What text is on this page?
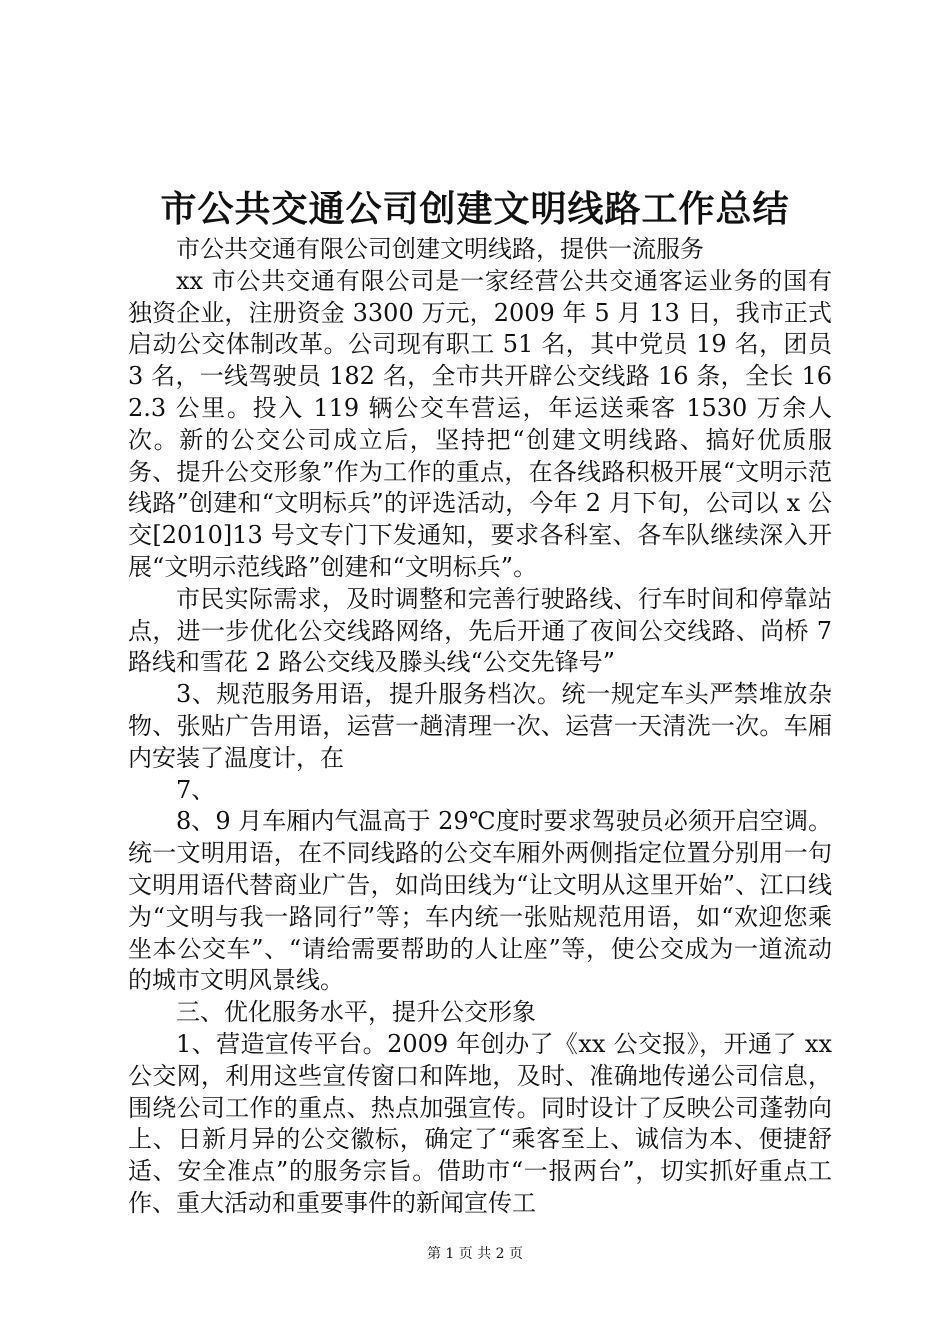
市公共交通公司创建文明线路工作总结

市公共交通有限公司创建文明线路，提供一流服务

xx 市公共交通有限公司是一家经营公共交通客运业务的国有独资企业，注册资金 3300 万元，2009 年 5 月 13 日，我市正式启动公交体制改革。公司现有职工 51 名，其中党员 19 名，团员 3 名，一线驾驶员 182 名，全市共开辟公交线路 16 条，全长 162.3 公里。投入 119 辆公交车营运，年运送乘客 1530 万余人次。新的公交公司成立后，坚持把“创建文明线路、搞好优质服务、提升公交形象”作为工作的重点，在各线路积极开展“文明示范线路”创建和“文明标兵”的评选活动，今年 2 月下旬，公司以 x 公交[2010]13 号文专门下发通知，要求各科室、各车队继续深入开展“文明示范线路”创建和“文明标兵”。

市民实际需求，及时调整和完善行驶路线、行车时间和停靠站点，进一步优化公交线路网络，先后开通了夜间公交线路、尚桥 7 路线和雪花 2 路公交线及滕头线“公交先锋号”

3、规范服务用语，提升服务档次。统一规定车头严禁堆放杂物、张贴广告用语，运营一趟清理一次、运营一天清洗一次。车厢内安装了温度计，在

7、

8、9 月车厢内气温高于 29℃度时要求驾驶员必须开启空调。统一文明用语，在不同线路的公交车厢外两侧指定位置分别用一句文明用语代替商业广告，如尚田线为“让文明从这里开始”、江口线为“文明与我一路同行”等；车内统一张贴规范用语，如“欢迎您乘坐本公交车”、“请给需要帮助的人让座”等，使公交成为一道流动的城市文明风景线。

三、优化服务水平，提升公交形象

1、营造宣传平台。2009 年创办了《xx 公交报》，开通了 xx 公交网，利用这些宣传窗口和阵地，及时、准确地传递公司信息，围绕公司工作的重点、热点加强宣传。同时设计了反映公司蓬勃向上、日新月异的公交徽标，确定了“乘客至上、诚信为本、便捷舒适、安全准点”的服务宗旨。借助市“一报两台”，切实抓好重点工作、重大活动和重要事件的新闻宣传工

第 1 页 共 2 页
